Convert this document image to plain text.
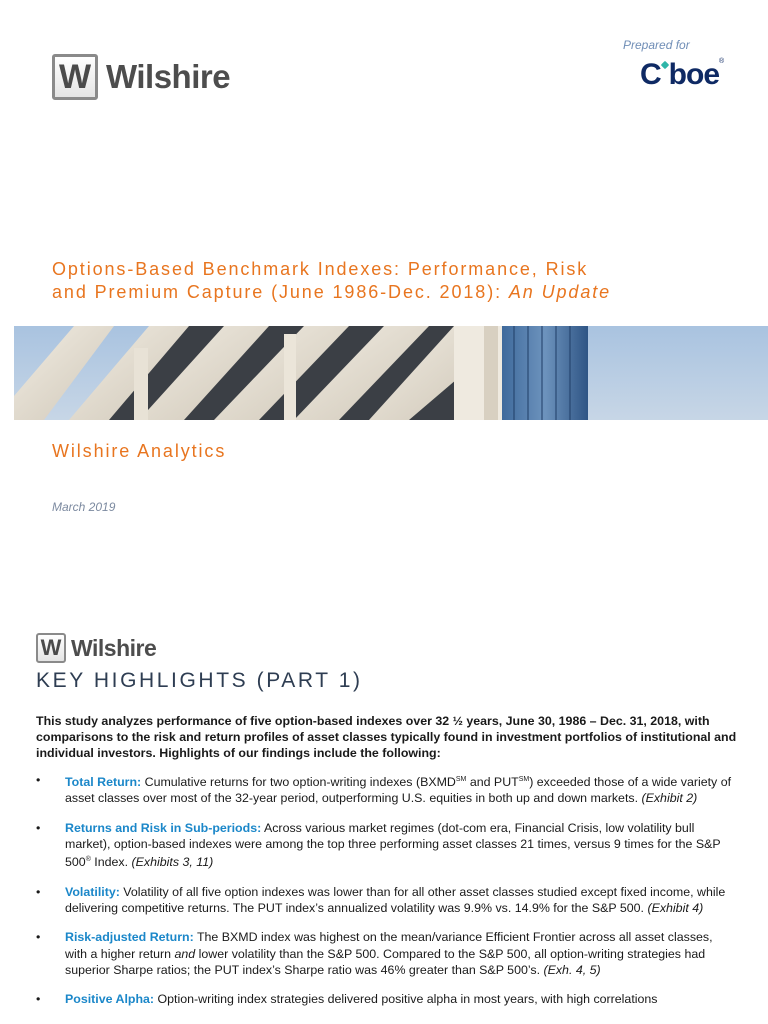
W Wilshire
Prepared for
C boe®
Options-Based Benchmark Indexes: Performance, Risk
and Premium Capture (June 1986-Dec. 2018): An Update
Wilshire Analytics
March 2019
W Wilshire
KEY HIGHLIGHTS (PART 1)

This study analyzes performance of five option-based indexes over 32 ½ years, June 30, 1986 – Dec. 31, 2018, with comparisons to the risk and return profiles of asset classes typically found in investment portfolios of institutional and individual investors. Highlights of our findings include the following:

• Total Return: Cumulative returns for two option-writing indexes (BXMD℠ and PUT℠) exceeded those of a wide variety of asset classes over most of the 32-year period, outperforming U.S. equities in both up and down markets. (Exhibit 2)
• Returns and Risk in Sub-periods: Across various market regimes (dot-com era, Financial Crisis, low volatility bull market), option-based indexes were among the top three performing asset classes 21 times, versus 9 times for the S&P 500® Index. (Exhibits 3, 11)
• Volatility: Volatility of all five option indexes was lower than for all other asset classes studied except fixed income, while delivering competitive returns. The PUT index’s annualized volatility was 9.9% vs. 14.9% for the S&P 500. (Exhibit 4)
• Risk-adjusted Return: The BXMD index was highest on the mean/variance Efficient Frontier across all asset classes, with a higher return and lower volatility than the S&P 500. Compared to the S&P 500, all option-writing strategies had superior Sharpe ratios; the PUT index’s Sharpe ratio was 46% greater than S&P 500’s. (Exh. 4, 5)
• Positive Alpha: Option-writing index strategies delivered positive alpha in most years, with high correlations
